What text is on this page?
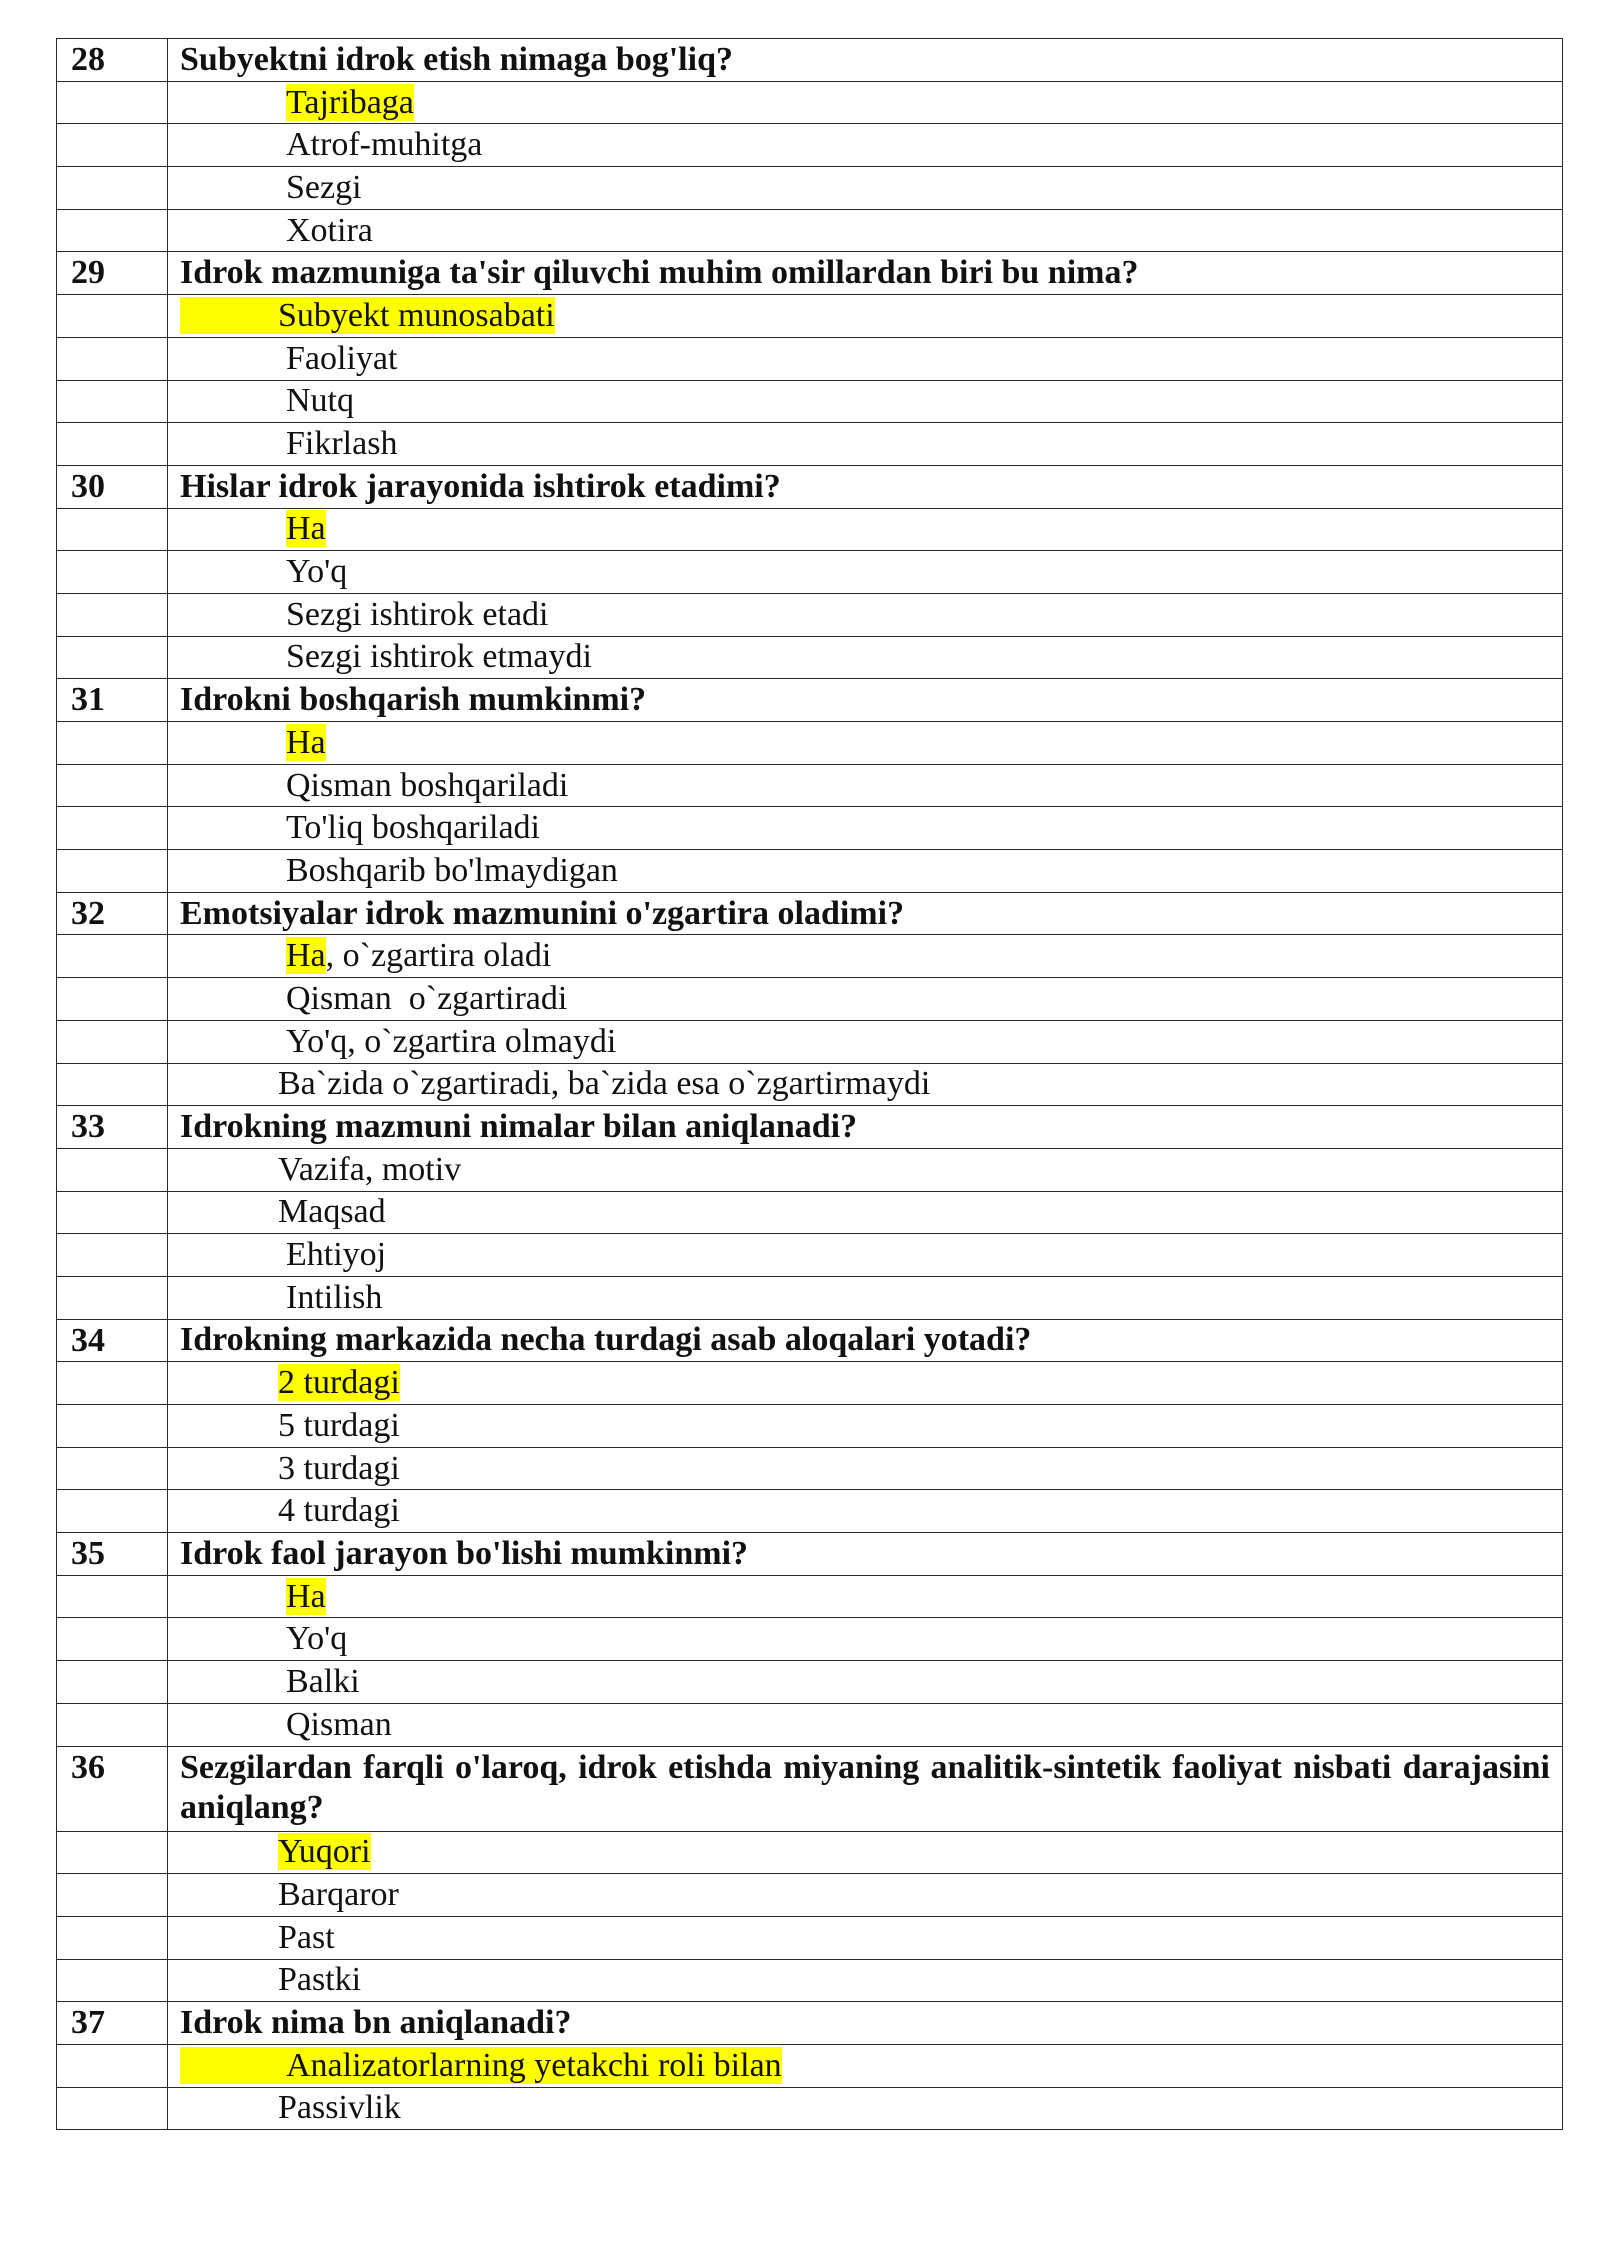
28	Subyektni idrok etish nimaga bog'liq?
	Tajribaga
	Atrof-muhitga
	Sezgi
	Xotira
29	Idrok mazmuniga ta'sir qiluvchi muhim omillardan biri bu nima?
	Subyekt munosabati
	Faoliyat
	Nutq
	Fikrlash
30	Hislar idrok jarayonida ishtirok etadimi?
	Ha
	Yo'q
	Sezgi ishtirok etadi
	Sezgi ishtirok etmaydi
31	Idrokni boshqarish mumkinmi?
	Ha
	Qisman boshqariladi
	To'liq boshqariladi
	Boshqarib bo'lmaydigan
32	Emotsiyalar idrok mazmunini o'zgartira oladimi?
	Ha, o`zgartira oladi
	Qisman  o`zgartiradi
	Yo'q, o`zgartira olmaydi
	Ba`zida o`zgartiradi, ba`zida esa o`zgartirmaydi
33	Idrokning mazmuni nimalar bilan aniqlanadi?
	Vazifa, motiv
	Maqsad
	Ehtiyoj
	Intilish
34	Idrokning markazida necha turdagi asab aloqalari yotadi?
	2 turdagi
	5 turdagi
	3 turdagi
	4 turdagi
35	Idrok faol jarayon bo'lishi mumkinmi?
	Ha
	Yo'q
	Balki
	Qisman
36	Sezgilardan farqli o'laroq, idrok etishda miyaning analitik-sintetik faoliyat nisbati darajasini aniqlang?
	Yuqori
	Barqaror
	Past
	Pastki
37	Idrok nima bn aniqlanadi?
	Analizatorlarning yetakchi roli bilan
	Passivlik
